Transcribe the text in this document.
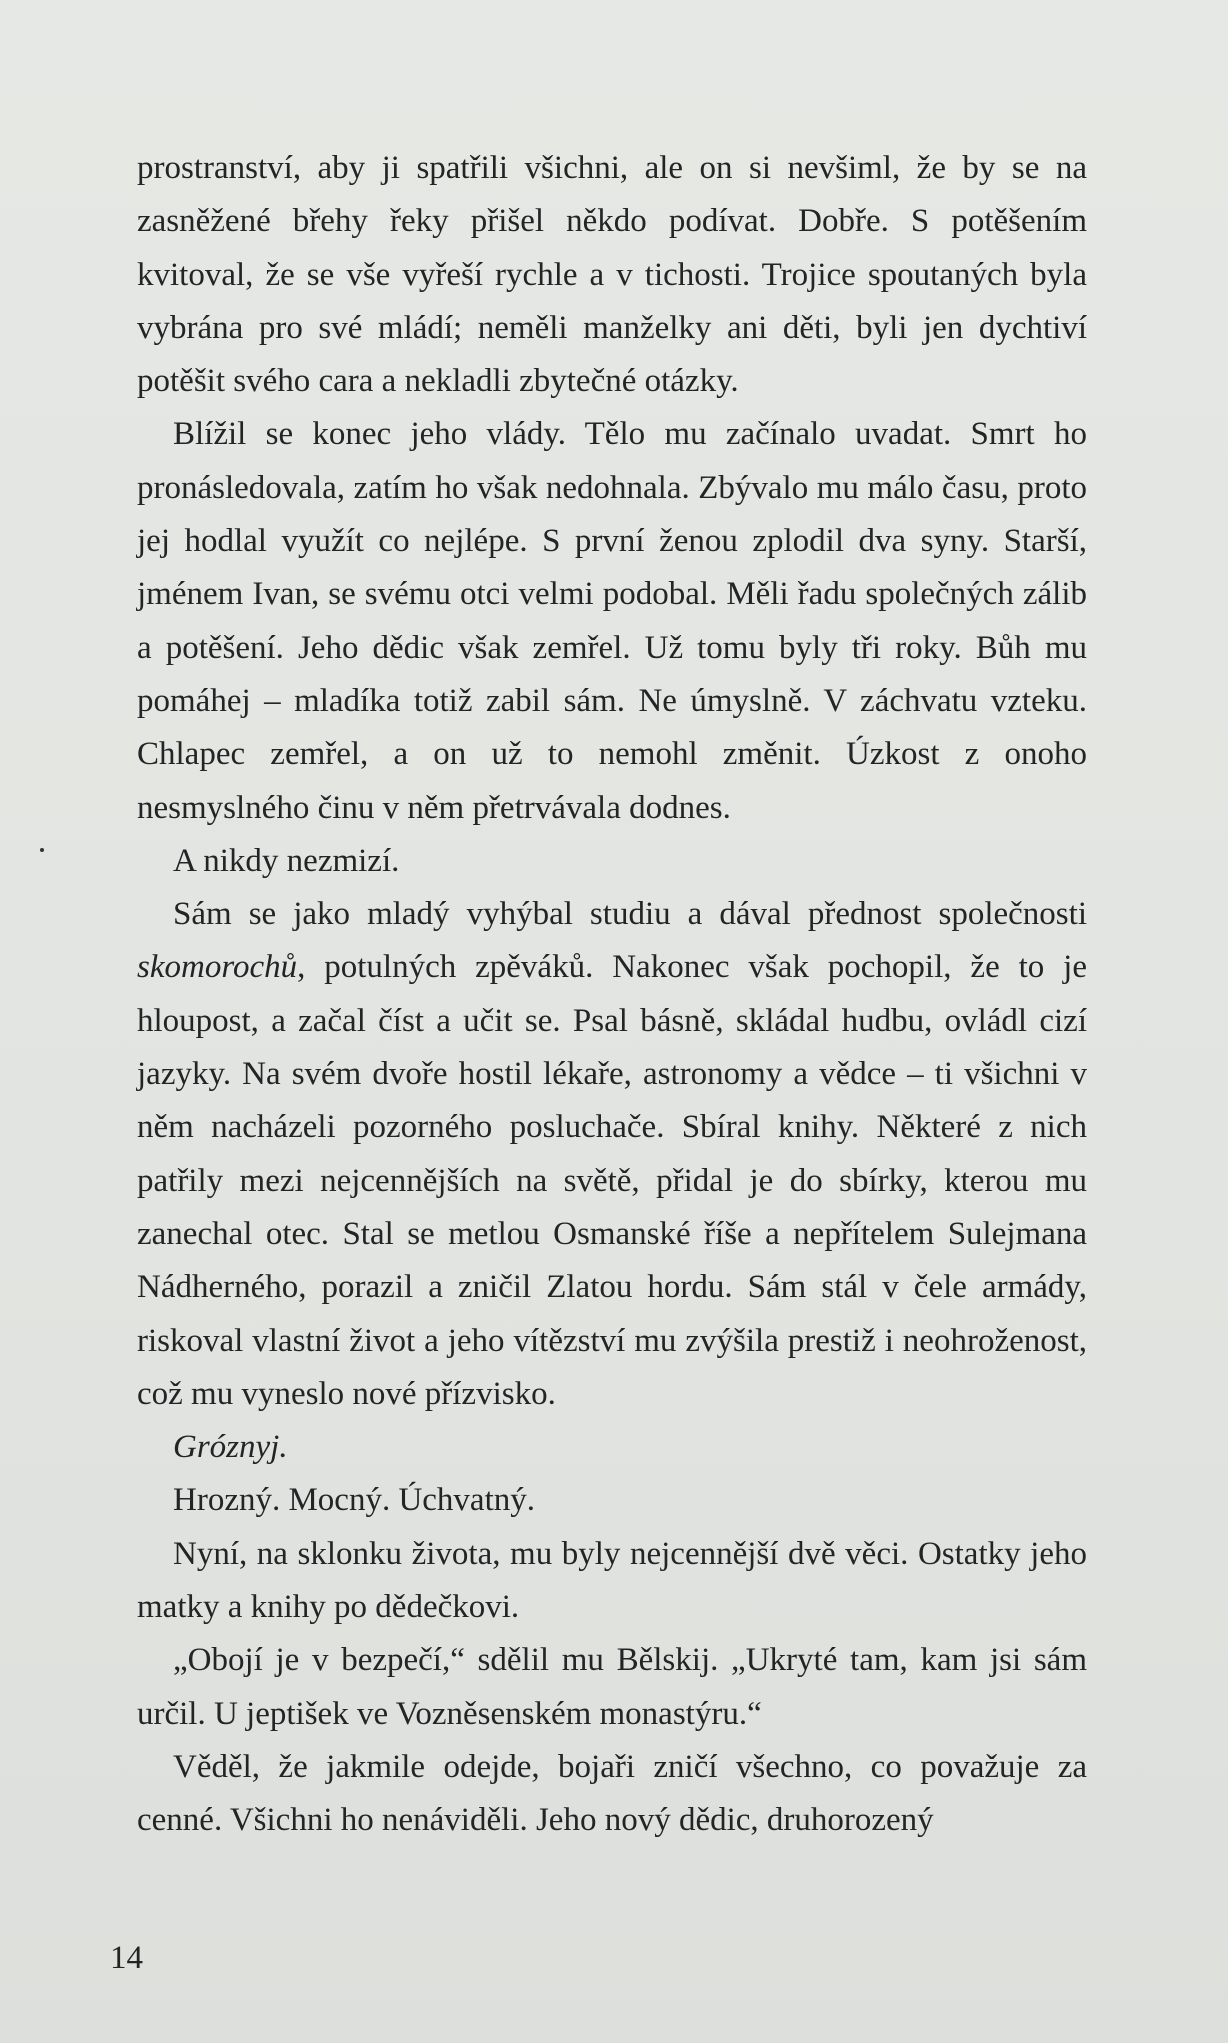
prostranství, aby ji spatřili všichni, ale on si nevšiml, že by se na zasněžené břehy řeky přišel někdo podívat. Dobře. S potěšením kvitoval, že se vše vyřeší rychle a v tichosti. Trojice spoutaných byla vybrána pro své mládí; neměli manželky ani děti, byli jen dychtiví potěšit svého cara a nekladli zbytečné otázky.

Blížil se konec jeho vlády. Tělo mu začínalo uvadat. Smrt ho pronásledovala, zatím ho však nedohnala. Zbývalo mu málo času, proto jej hodlal využít co nejlépe. S první ženou zplodil dva syny. Starší, jménem Ivan, se svému otci velmi podobal. Měli řadu společných zálib a potěšení. Jeho dědic však zemřel. Už tomu byly tři roky. Bůh mu pomáhej – mladíka totiž zabil sám. Ne úmyslně. V záchvatu vzteku. Chlapec zemřel, a on už to nemohl změnit. Úzkost z onoho nesmyslného činu v něm přetrvávala dodnes.

A nikdy nezmizí.

Sám se jako mladý vyhýbal studiu a dával přednost společnosti skomorochů, potulných zpěváků. Nakonec však pochopil, že to je hloupost, a začal číst a učit se. Psal básně, skládal hudbu, ovládl cizí jazyky. Na svém dvoře hostil lékaře, astronomy a vědce – ti všichni v něm nacházeli pozorného posluchače. Sbíral knihy. Některé z nich patřily mezi nejcennějších na světě, přidal je do sbírky, kterou mu zanechal otec. Stal se metlou Osmanské říše a nepřítelem Sulejmana Nádherného, porazil a zničil Zlatou hordu. Sám stál v čele armády, riskoval vlastní život a jeho vítězství mu zvýšila prestiž i neohroženost, což mu vyneslo nové přízvisko.

Gróznyj.

Hrozný. Mocný. Úchvatný.

Nyní, na sklonku života, mu byly nejcennější dvě věci. Ostatky jeho matky a knihy po dědečkovi.

„Obojí je v bezpečí,“ sdělil mu Bělskij. „Ukryté tam, kam jsi sám určil. U jeptišek ve Vozněsenském monastýru.“

Věděl, že jakmile odejde, bojaři zničí všechno, co považuje za cenné. Všichni ho nenáviděli. Jeho nový dědic, druhorozený

14
